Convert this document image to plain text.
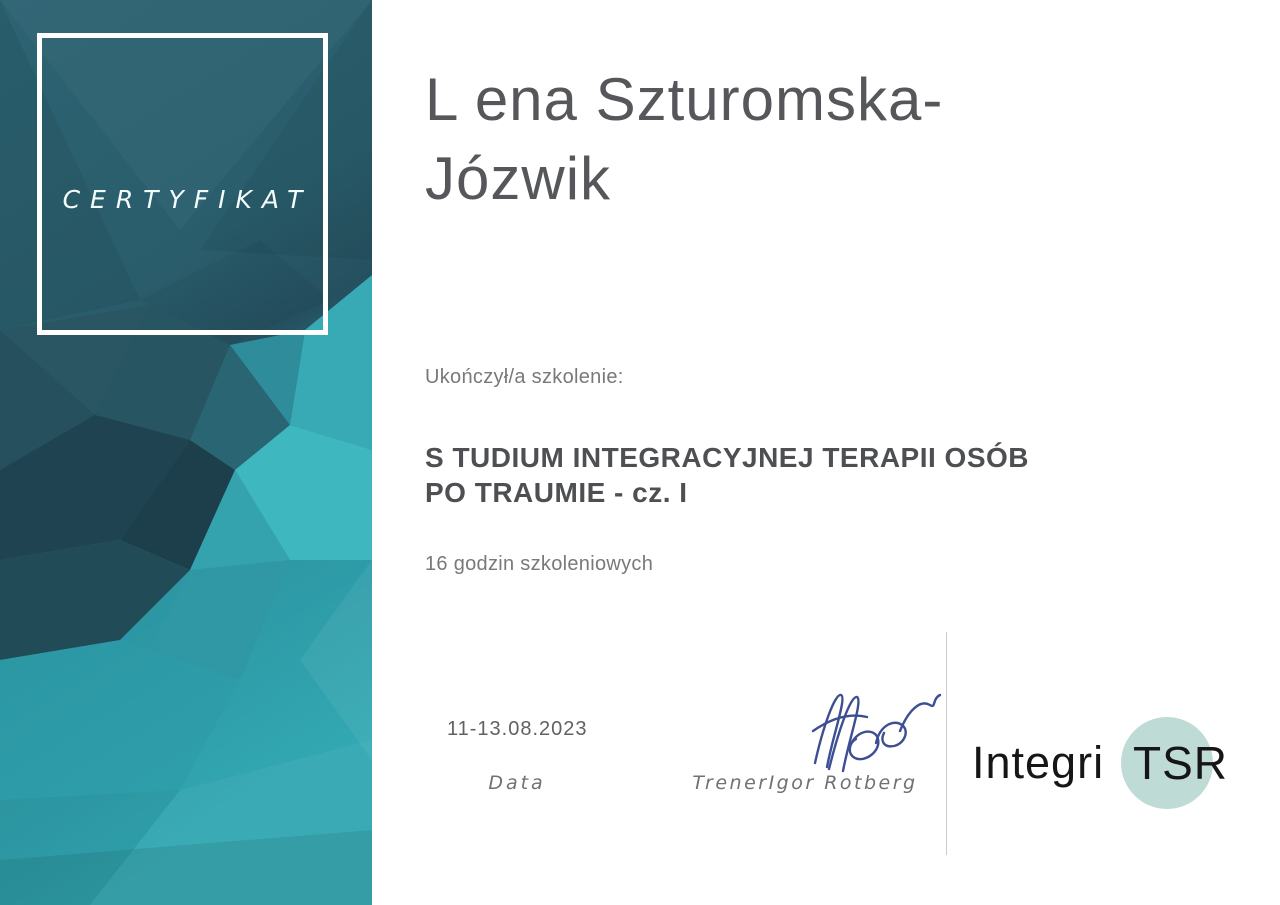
CERTYFIKAT
L ena Szturomska-Józwik
Ukończył/a szkolenie:
S TUDIUM INTEGRACYJNEJ TERAPII OSÓB PO TRAUMIE - cz. I
16 godzin szkoleniowych
11-13.08.2023
Data	TrenerIgor Rotberg	Integri TSR
